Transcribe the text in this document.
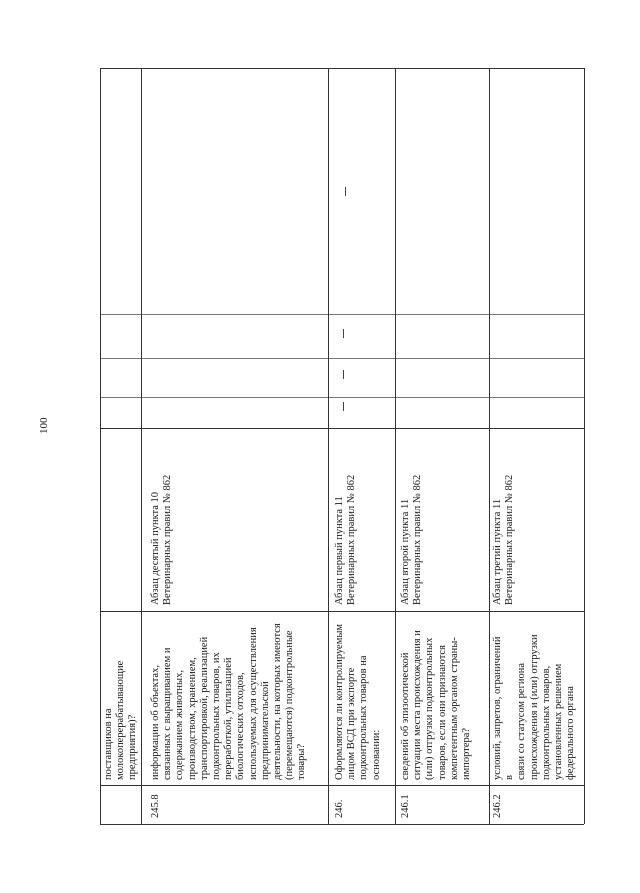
100
поставщиков на
молокоперерабатывающие
предприятия)?
245.8
информации об объектах,
связанных с выращиванием и
содержанием животных,
производством, хранением,
транспортировкой, реализацией
подконтрольных товаров, их
переработкой, утилизацией
биологических отходов,
используемых для осуществления
предпринимательской
деятельности, на которых имеются
(перемещаются) подконтрольные
товары?
Абзац десятый пункта 10
Ветеринарных правил № 862
246.
Оформляются ли контролируемым
лицом ВСД при экспорте
подконтрольных товаров на
основании:
Абзац первый пункта 11
Ветеринарных правил № 862
246.1
сведений об эпизоотической
ситуации места происхождения и
(или) отгрузки подконтрольных
товаров, если они признаются
компетентным органом страны-
импортера?
Абзац второй пункта 11
Ветеринарных правил № 862
246.2
условий, запретов, ограничений в
связи со статусом региона
происхождения и (или) отгрузки
подконтрольных товаров,
установленных решением
федерального органа
Абзац третий пункта 11
Ветеринарных правил № 862
